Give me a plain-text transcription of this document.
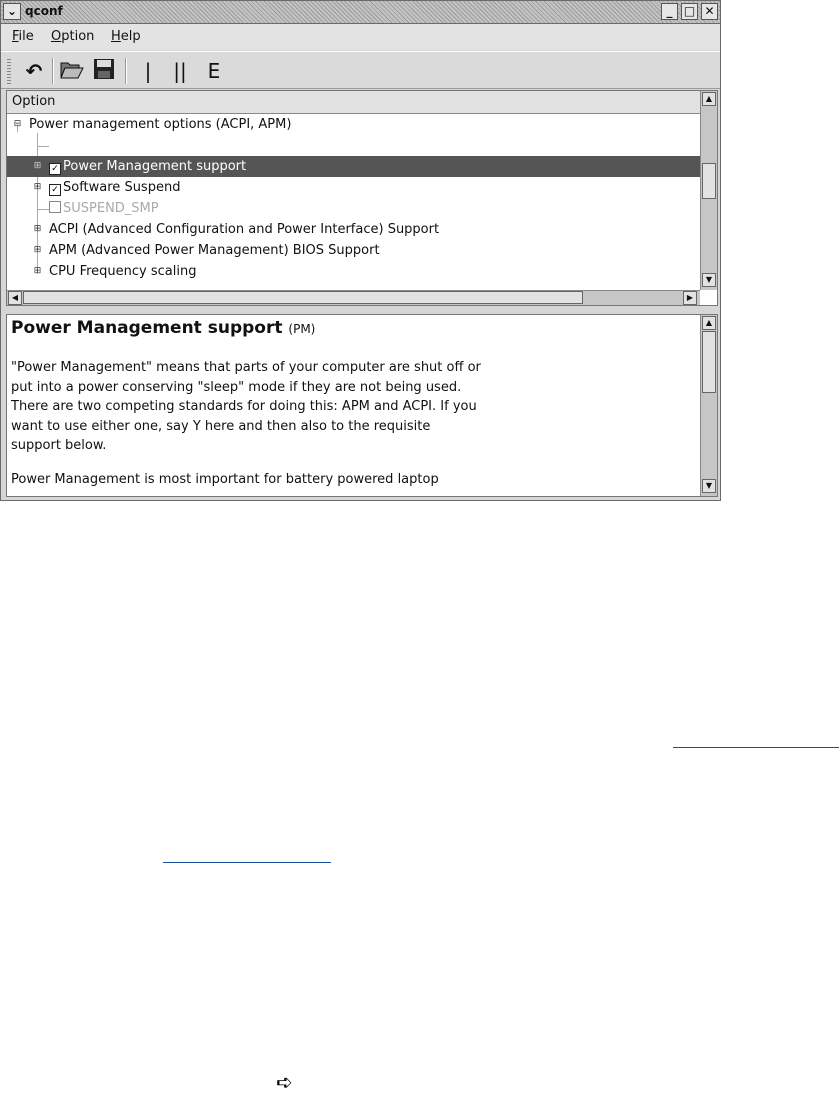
⌄ qconf	_ □ ✕
File Option Help
↶	|	||	E
Option
⊟ Power management options (ACPI, APM)
⊞ ✓ Power Management support
⊞ ✓ Software Suspend
SUSPEND_SMP
⊞ ACPI (Advanced Configuration and Power Interface) Support
⊞ APM (Advanced Power Management) BIOS Support
⊞ CPU Frequency scaling
▲
▼
◀	▶
Power Management support (PM)
"Power Management" means that parts of your computer are shut off or put into a power conserving "sleep" mode if they are not being used. There are two competing standards for doing this: APM and ACPI. If you want to use either one, say Y here and then also to the requisite support below.
Power Management is most important for battery powered laptop
▲
▼
➪
